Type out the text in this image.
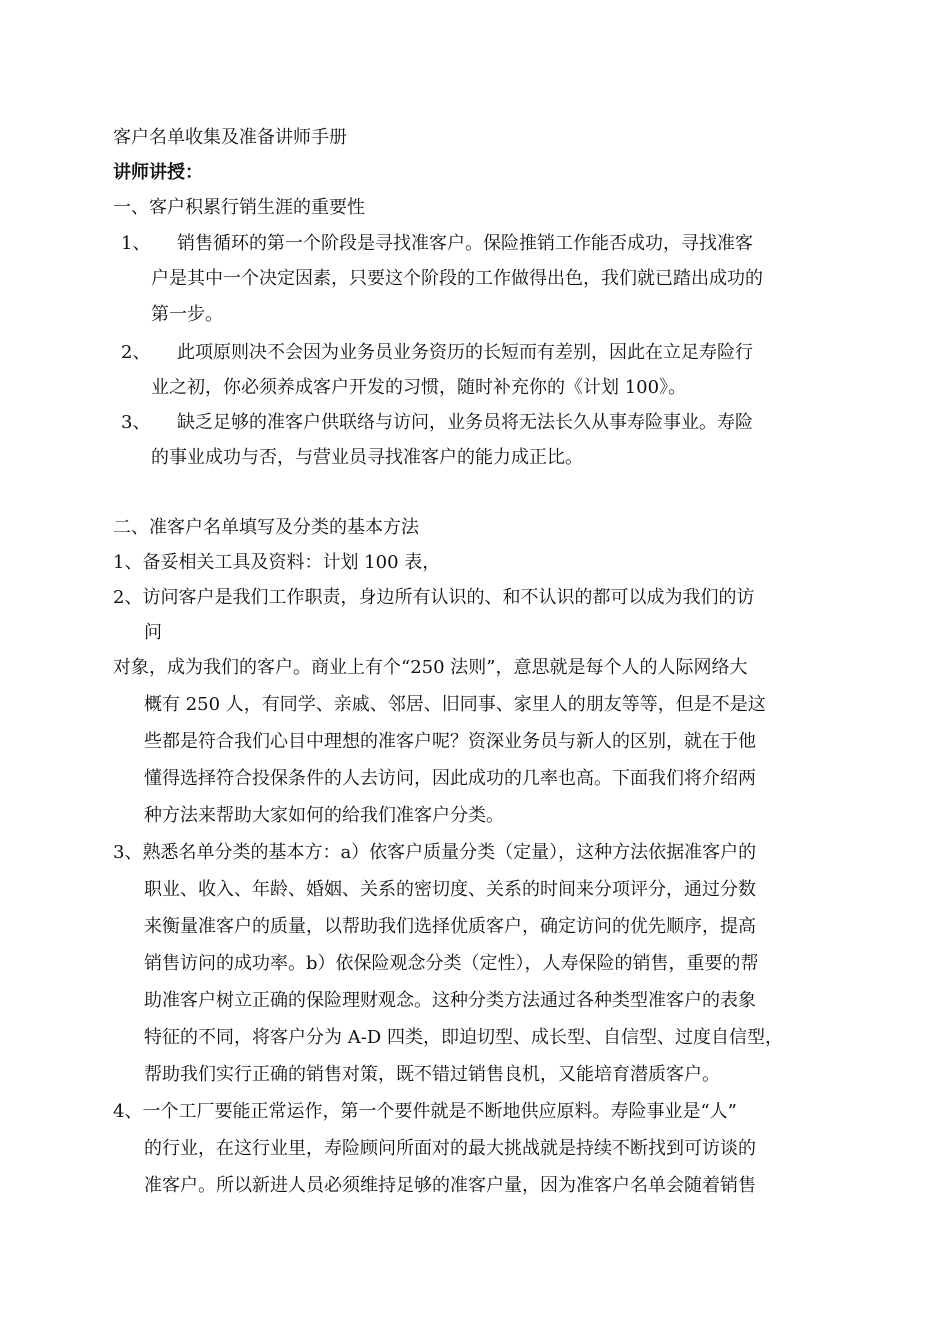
客户名单收集及准备讲师手册
讲师讲授：
一、客户积累行销生涯的重要性
1、 销售循环的第一个阶段是寻找准客户。保险推销工作能否成功，寻找准客
户是其中一个决定因素，只要这个阶段的工作做得出色，我们就已踏出成功的
第一步。
2、 此项原则决不会因为业务员业务资历的长短而有差别，因此在立足寿险行
业之初，你必须养成客户开发的习惯，随时补充你的《计划 100》。
3、 缺乏足够的准客户供联络与访问，业务员将无法长久从事寿险事业。寿险
的事业成功与否，与营业员寻找准客户的能力成正比。
二、准客户名单填写及分类的基本方法
1、备妥相关工具及资料：计划 100 表，
2、访问客户是我们工作职责，身边所有认识的、和不认识的都可以成为我们的访
问
对象，成为我们的客户。商业上有个“250 法则”，意思就是每个人的人际网络大
概有 250 人，有同学、亲戚、邻居、旧同事、家里人的朋友等等，但是不是这
些都是符合我们心目中理想的准客户呢？资深业务员与新人的区别，就在于他
懂得选择符合投保条件的人去访问，因此成功的几率也高。下面我们将介绍两
种方法来帮助大家如何的给我们准客户分类。
3、熟悉名单分类的基本方：a）依客户质量分类（定量），这种方法依据准客户的
职业、收入、年龄、婚姻、关系的密切度、关系的时间来分项评分，通过分数
来衡量准客户的质量，以帮助我们选择优质客户，确定访问的优先顺序，提高
销售访问的成功率。b）依保险观念分类（定性），人寿保险的销售，重要的帮
助准客户树立正确的保险理财观念。这种分类方法通过各种类型准客户的表象
特征的不同，将客户分为 A-D 四类，即迫切型、成长型、自信型、过度自信型，
帮助我们实行正确的销售对策，既不错过销售良机，又能培育潜质客户。
4、一个工厂要能正常运作，第一个要件就是不断地供应原料。寿险事业是“人”
的行业，在这行业里，寿险顾问所面对的最大挑战就是持续不断找到可访谈的
准客户。所以新进人员必须维持足够的准客户量，因为准客户名单会随着销售
